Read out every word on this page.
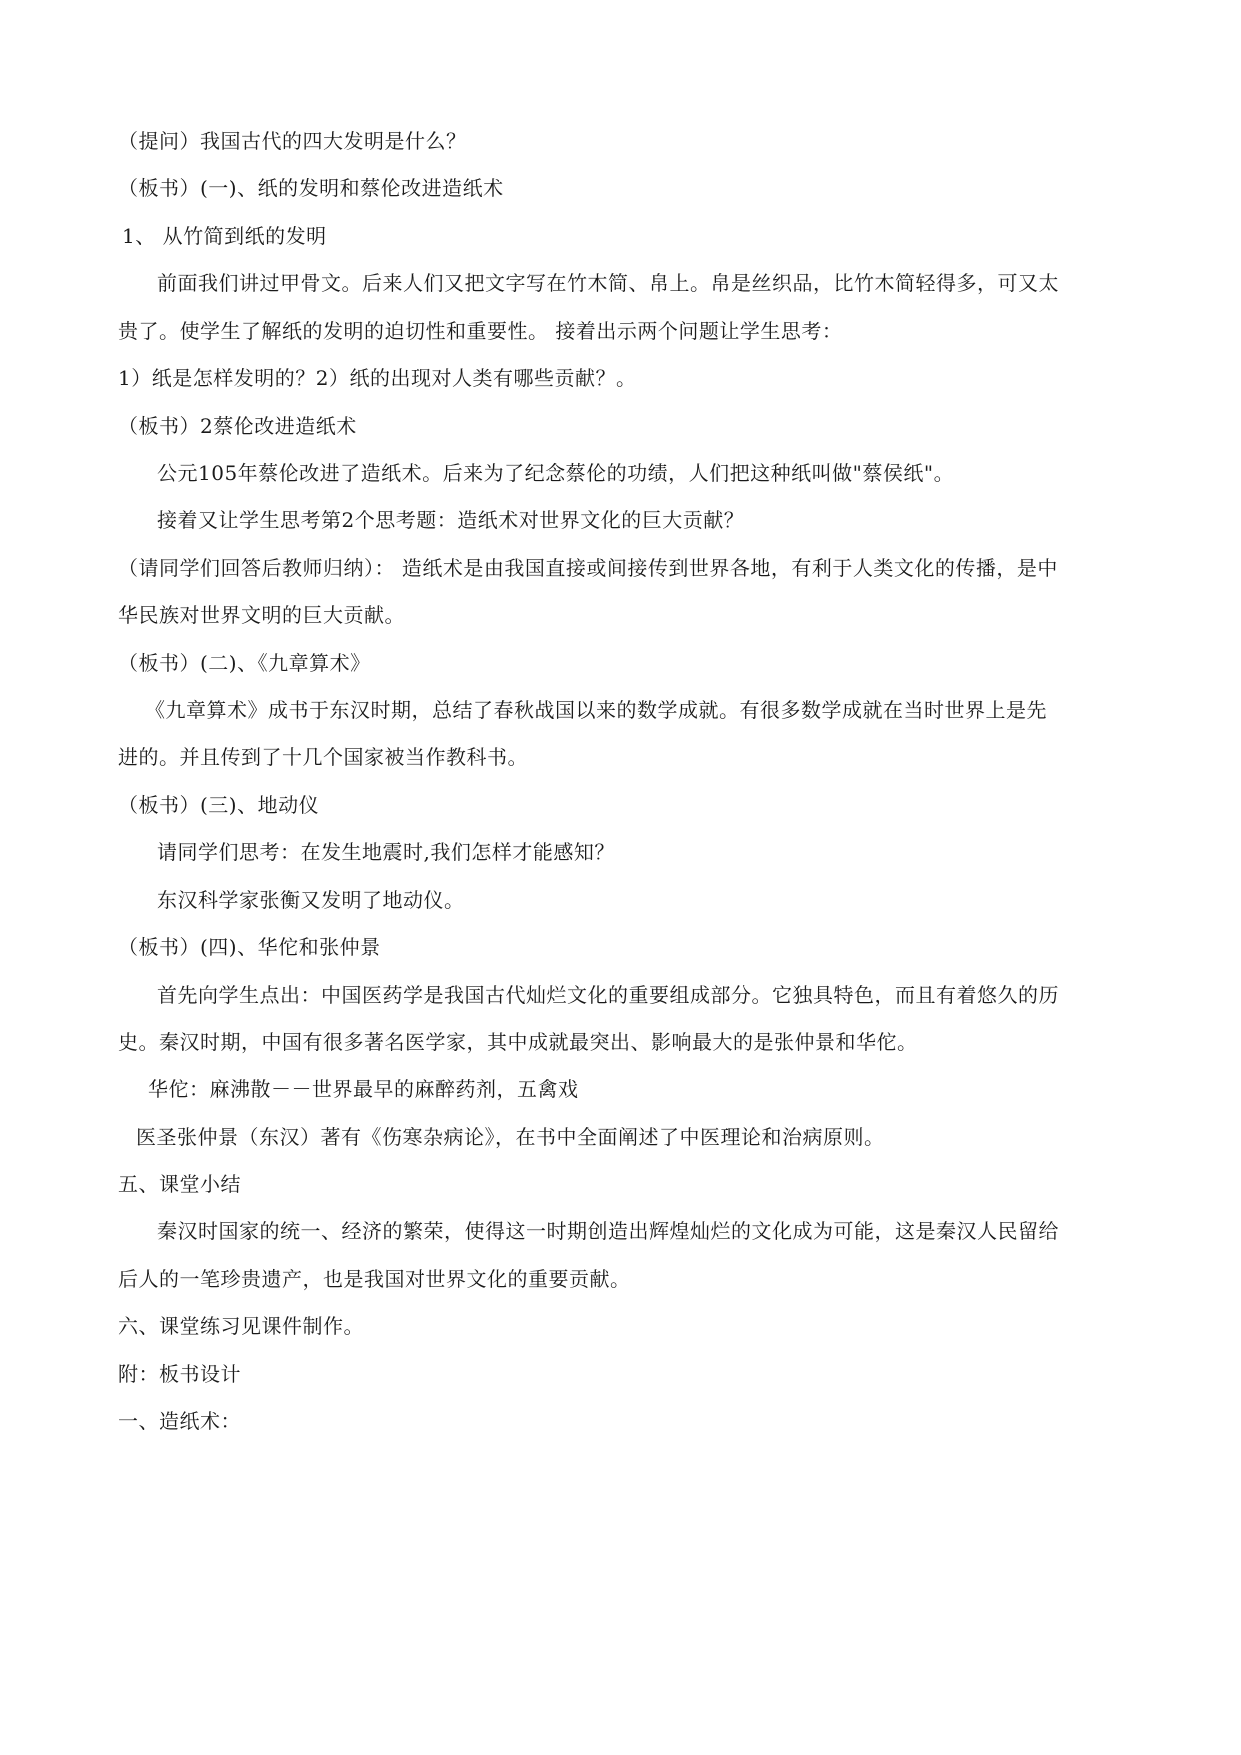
（提问）我国古代的四大发明是什么？
（板书）(一)、纸的发明和蔡伦改进造纸术
1、 从竹简到纸的发明
前面我们讲过甲骨文。后来人们又把文字写在竹木简、帛上。帛是丝织品，比竹木简轻得多，可又太
贵了。使学生了解纸的发明的迫切性和重要性。 接着出示两个问题让学生思考：
1）纸是怎样发明的？2）纸的出现对人类有哪些贡献？。
（板书）2蔡伦改进造纸术
公元105年蔡伦改进了造纸术。后来为了纪念蔡伦的功绩，人们把这种纸叫做"蔡侯纸"。
接着又让学生思考第2个思考题：造纸术对世界文化的巨大贡献？
（请同学们回答后教师归纳）： 造纸术是由我国直接或间接传到世界各地，有利于人类文化的传播，是中
华民族对世界文明的巨大贡献。
（板书）(二)、《九章算术》
《九章算术》成书于东汉时期，总结了春秋战国以来的数学成就。有很多数学成就在当时世界上是先
进的。并且传到了十几个国家被当作教科书。
（板书）(三)、地动仪
请同学们思考：在发生地震时,我们怎样才能感知？
东汉科学家张衡又发明了地动仪。
（板书）(四)、华佗和张仲景
首先向学生点出：中国医药学是我国古代灿烂文化的重要组成部分。它独具特色，而且有着悠久的历
史。秦汉时期，中国有很多著名医学家，其中成就最突出、影响最大的是张仲景和华佗。
华佗：麻沸散－－世界最早的麻醉药剂，五禽戏
医圣张仲景（东汉）著有《伤寒杂病论》，在书中全面阐述了中医理论和治病原则。
五、课堂小结
秦汉时国家的统一、经济的繁荣，使得这一时期创造出辉煌灿烂的文化成为可能，这是秦汉人民留给
后人的一笔珍贵遗产，也是我国对世界文化的重要贡献。
六、课堂练习见课件制作。
附：板书设计
一、造纸术：
